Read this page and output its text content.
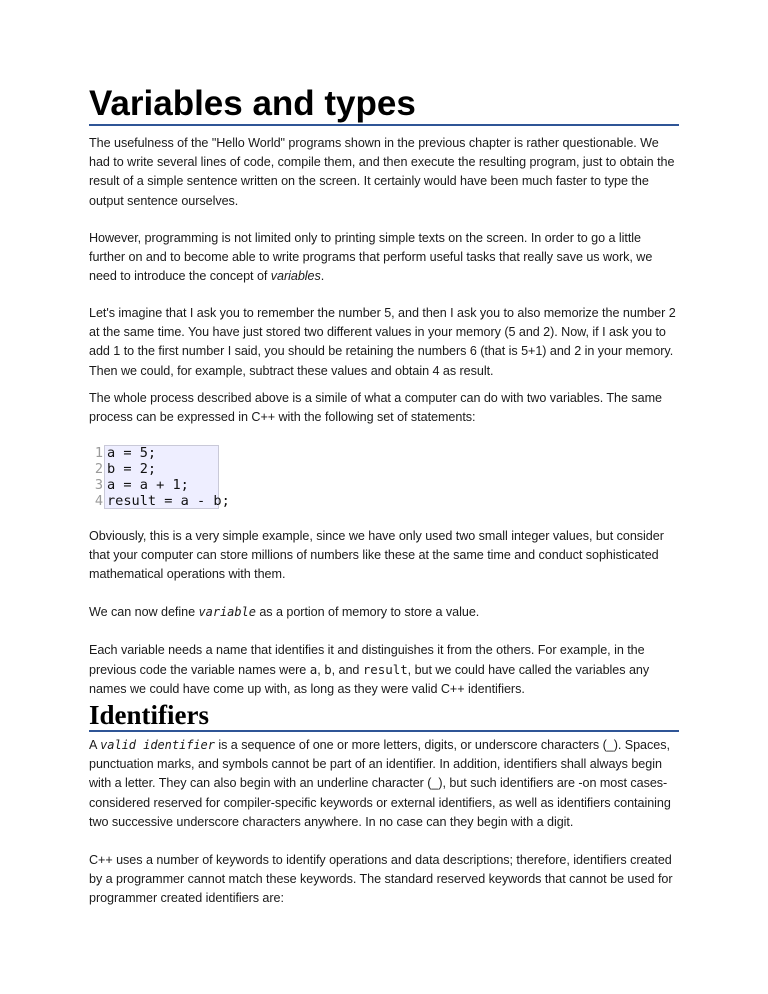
Variables and types
The usefulness of the "Hello World" programs shown in the previous chapter is rather questionable. We had to write several lines of code, compile them, and then execute the resulting program, just to obtain the result of a simple sentence written on the screen. It certainly would have been much faster to type the output sentence ourselves.
However, programming is not limited only to printing simple texts on the screen. In order to go a little further on and to become able to write programs that perform useful tasks that really save us work, we need to introduce the concept of variables.
Let's imagine that I ask you to remember the number 5, and then I ask you to also memorize the number 2 at the same time. You have just stored two different values in your memory (5 and 2). Now, if I ask you to add 1 to the first number I said, you should be retaining the numbers 6 (that is 5+1) and 2 in your memory. Then we could, for example, subtract these values and obtain 4 as result.
The whole process described above is a simile of what a computer can do with two variables. The same process can be expressed in C++ with the following set of statements:
1 a = 5;
2 b = 2;
3 a = a + 1;
4 result = a - b;
Obviously, this is a very simple example, since we have only used two small integer values, but consider that your computer can store millions of numbers like these at the same time and conduct sophisticated mathematical operations with them.
We can now define variable as a portion of memory to store a value.
Each variable needs a name that identifies it and distinguishes it from the others. For example, in the previous code the variable names were a, b, and result, but we could have called the variables any names we could have come up with, as long as they were valid C++ identifiers.
Identifiers
A valid identifier is a sequence of one or more letters, digits, or underscore characters (_). Spaces, punctuation marks, and symbols cannot be part of an identifier. In addition, identifiers shall always begin with a letter. They can also begin with an underline character (_), but such identifiers are -on most cases- considered reserved for compiler-specific keywords or external identifiers, as well as identifiers containing two successive underscore characters anywhere. In no case can they begin with a digit.
C++ uses a number of keywords to identify operations and data descriptions; therefore, identifiers created by a programmer cannot match these keywords. The standard reserved keywords that cannot be used for programmer created identifiers are:
